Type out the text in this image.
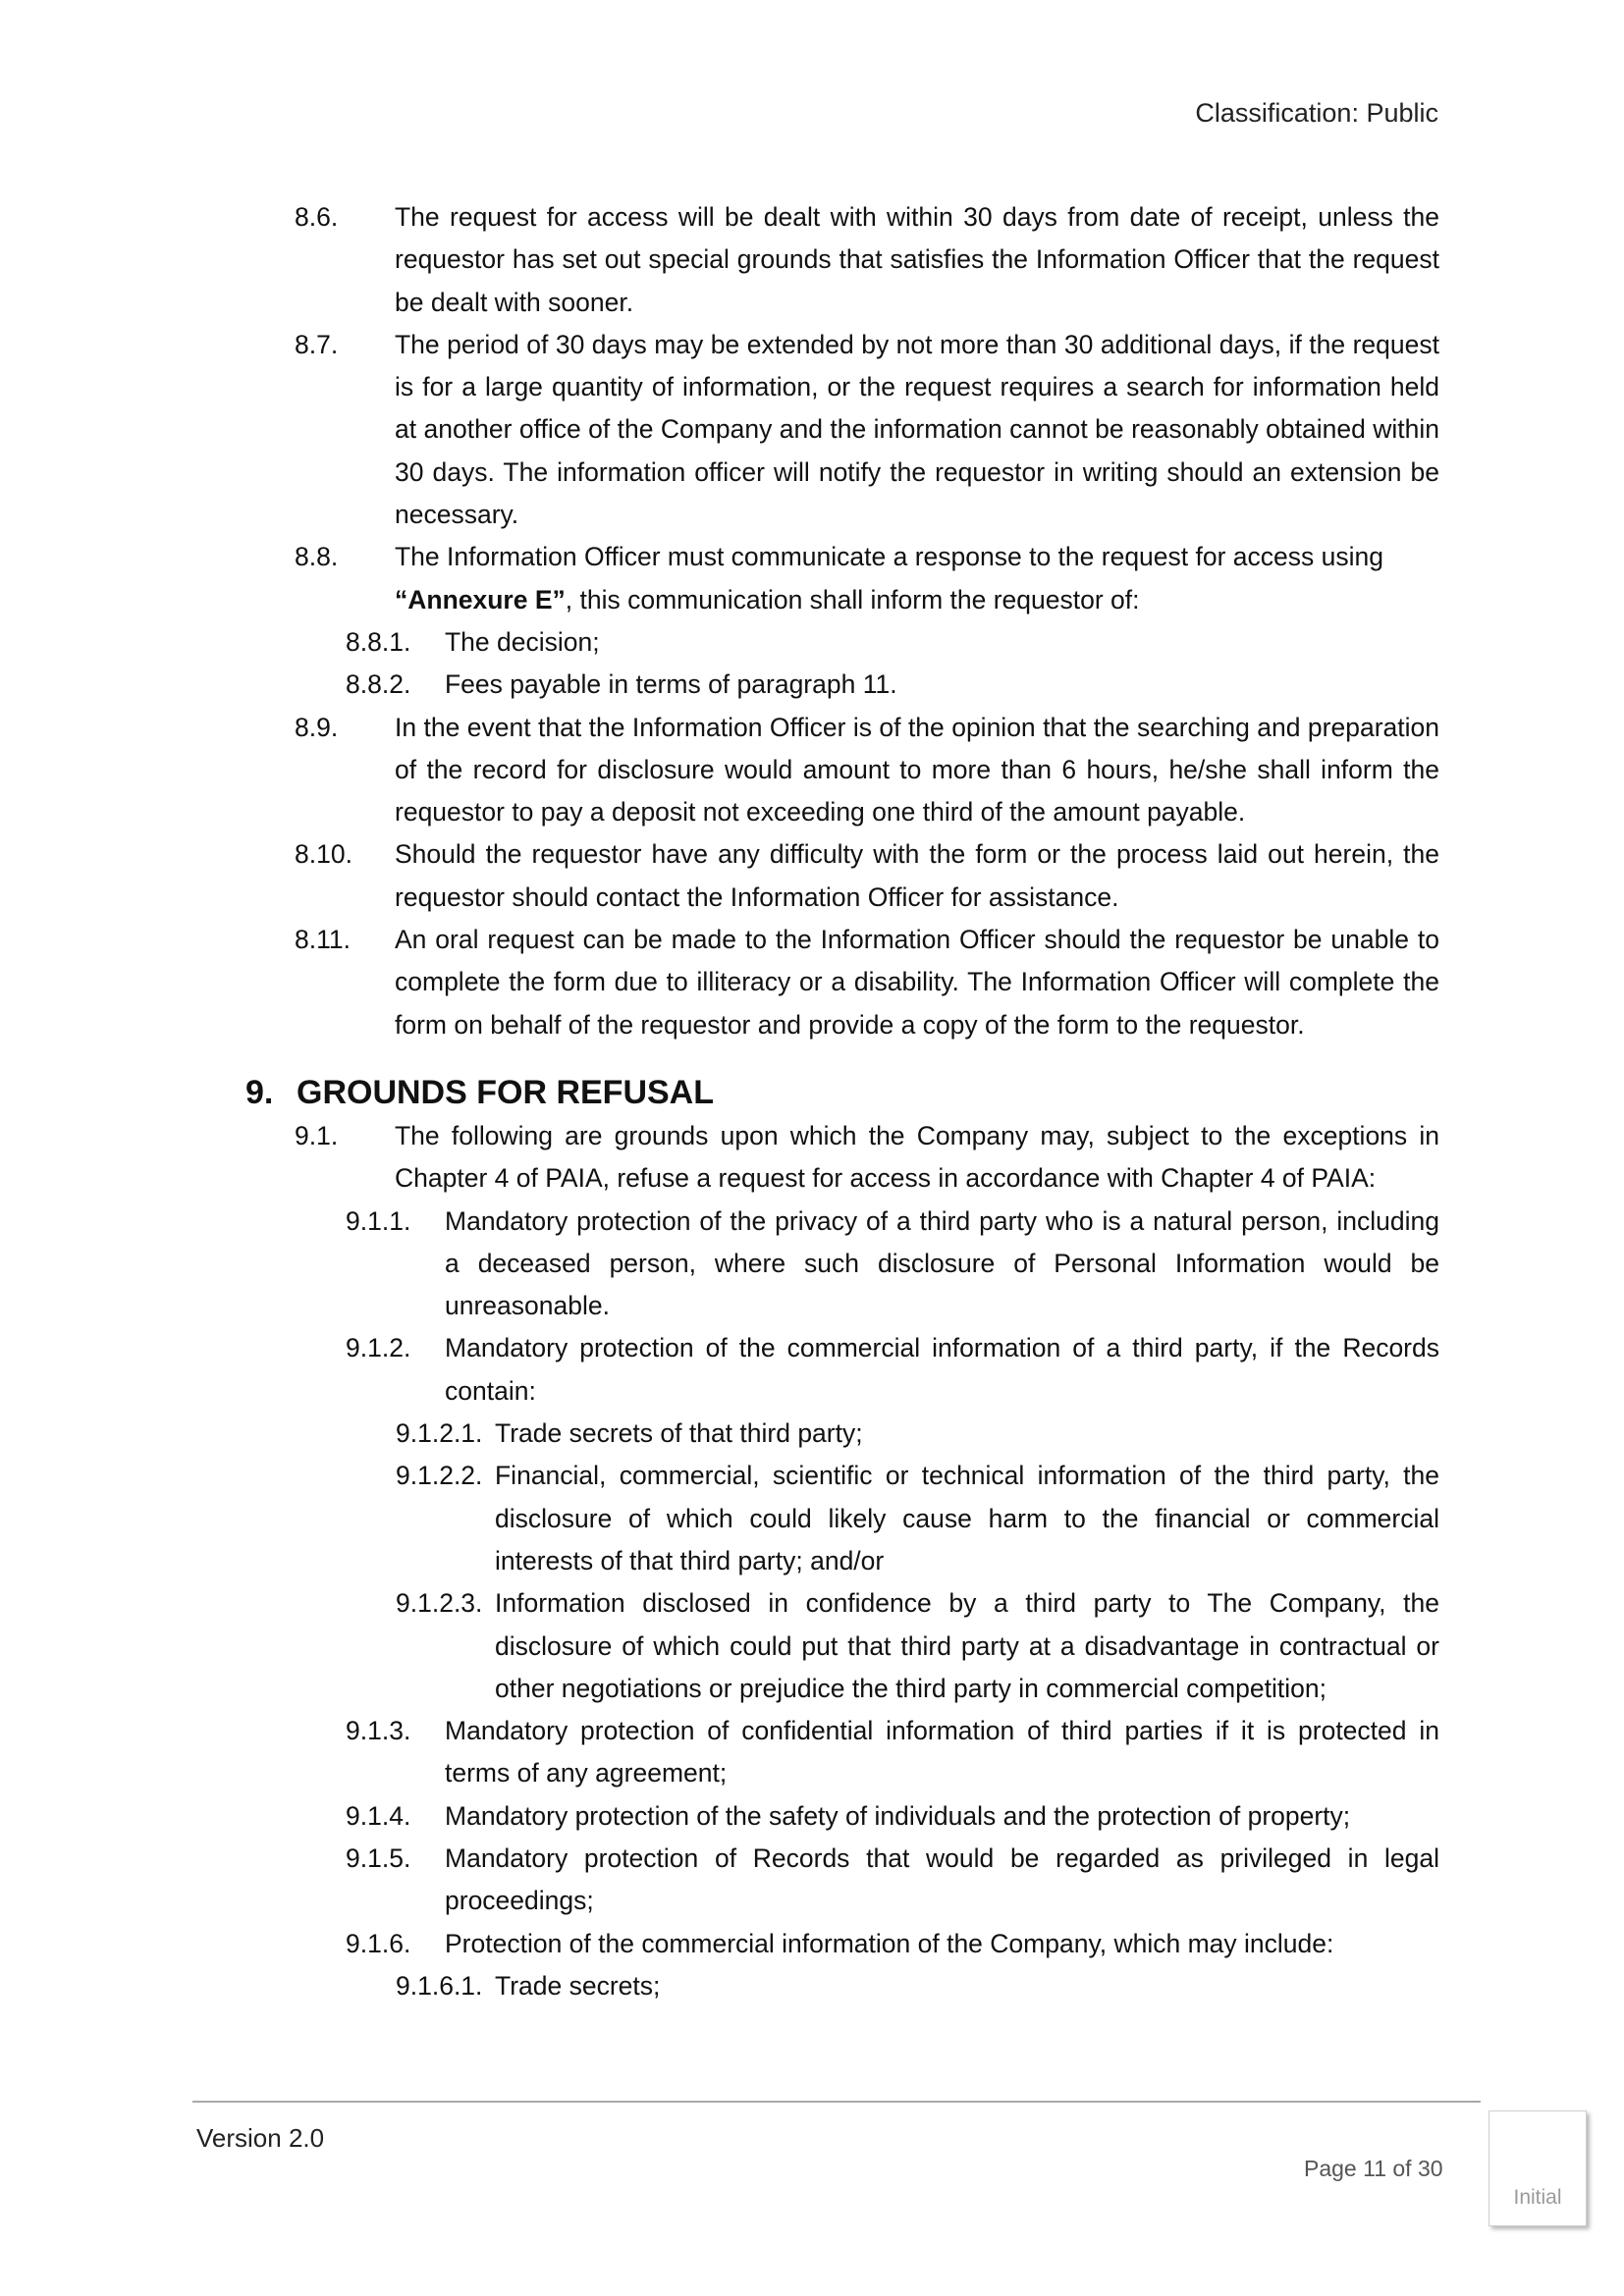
Classification: Public
8.6.	The request for access will be dealt with within 30 days from date of receipt, unless the requestor has set out special grounds that satisfies the Information Officer that the request be dealt with sooner.
8.7.	The period of 30 days may be extended by not more than 30 additional days, if the request is for a large quantity of information, or the request requires a search for information held at another office of the Company and the information cannot be reasonably obtained within 30 days. The information officer will notify the requestor in writing should an extension be necessary.
8.8.	The Information Officer must communicate a response to the request for access using
“Annexure E”, this communication shall inform the requestor of:
8.8.1.	The decision;
8.8.2.	Fees payable in terms of paragraph 11.
8.9.	In the event that the Information Officer is of the opinion that the searching and preparation of the record for disclosure would amount to more than 6 hours, he/she shall inform the requestor to pay a deposit not exceeding one third of the amount payable.
8.10.	Should the requestor have any difficulty with the form or the process laid out herein, the requestor should contact the Information Officer for assistance.
8.11.	An oral request can be made to the Information Officer should the requestor be unable to complete the form due to illiteracy or a disability. The Information Officer will complete the form on behalf of the requestor and provide a copy of the form to the requestor.
9. GROUNDS FOR REFUSAL
9.1.	The following are grounds upon which the Company may, subject to the exceptions in Chapter 4 of PAIA, refuse a request for access in accordance with Chapter 4 of PAIA:
9.1.1.	Mandatory protection of the privacy of a third party who is a natural person, including a deceased person, where such disclosure of Personal Information would be unreasonable.
9.1.2.	Mandatory protection of the commercial information of a third party, if the Records contain:
9.1.2.1. Trade secrets of that third party;
9.1.2.2. Financial, commercial, scientific or technical information of the third party, the disclosure of which could likely cause harm to the financial or commercial interests of that third party; and/or
9.1.2.3. Information disclosed in confidence by a third party to The Company, the disclosure of which could put that third party at a disadvantage in contractual or other negotiations or prejudice the third party in commercial competition;
9.1.3.	Mandatory protection of confidential information of third parties if it is protected in terms of any agreement;
9.1.4.	Mandatory protection of the safety of individuals and the protection of property;
9.1.5.	Mandatory protection of Records that would be regarded as privileged in legal proceedings;
9.1.6.	Protection of the commercial information of the Company, which may include:
9.1.6.1. Trade secrets;
Version 2.0
Page 11 of 30
Initial
